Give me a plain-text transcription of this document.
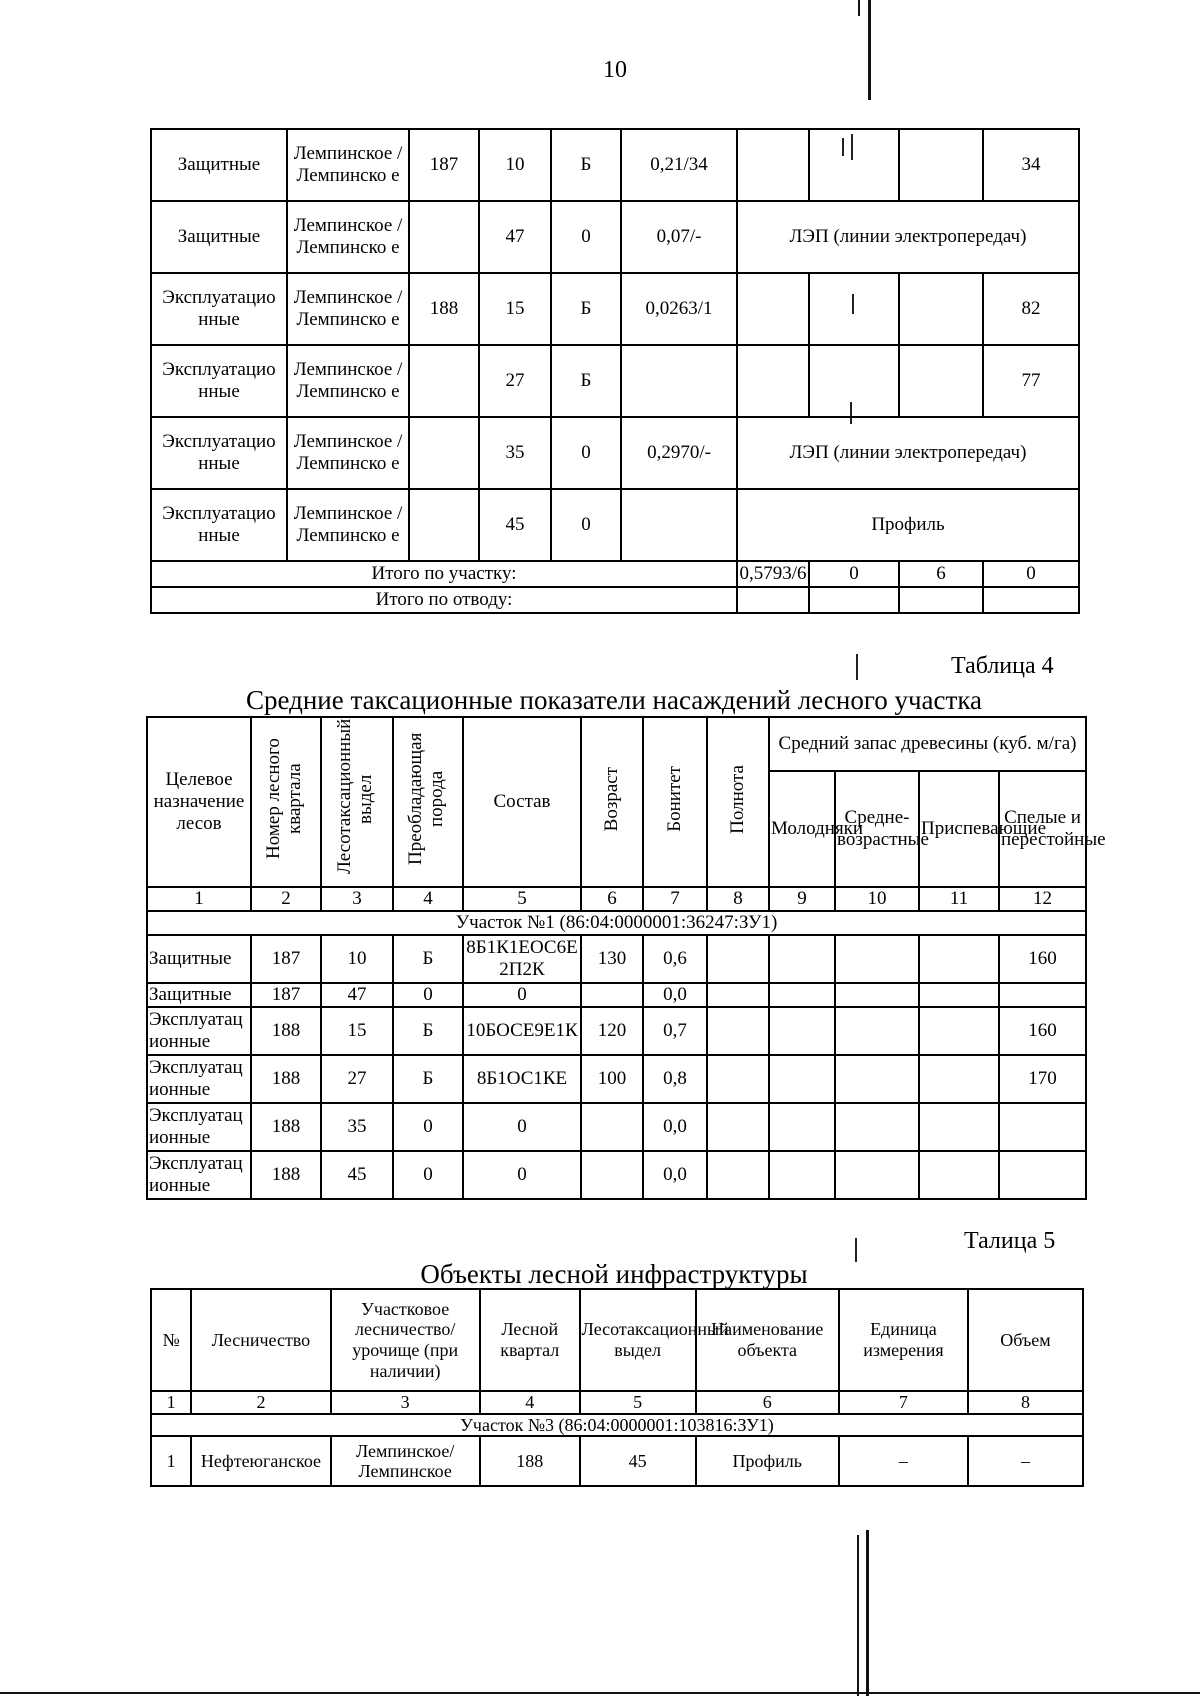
10
Защитные	Лемпинское /Лемпинско е	187	10	Б	0,21/34				34	
Защитные	Лемпинское /Лемпинско е		47	0	0,07/-	ЛЭП (линии электропередач)				
Эксплуатацио нные	Лемпинское /Лемпинско е	188	15	Б	0,0263/1				82	
Эксплуатацио нные	Лемпинское /Лемпинско е		27	Б					77	
Эксплуатацио нные	Лемпинское /Лемпинско е		35	0	0,2970/-	ЛЭП (линии электропередач)				
Эксплуатацио нные	Лемпинское /Лемпинско е		45	0		Профиль				
Итого по участку:						0,5793/6	0	6	0	
Итого по отводу:										
Таблица 4
Средние таксационные показатели насаждений лесного участка
Целевое назначение лесов	Номер лесного квартала	Лесотаксационный выдел	Преобладающая порода	Состав	Возраст	Бонитет	Полнота	Средний запас древесины (куб. м/га)			
								Молодняки	Средне-возрастные	Приспевающие	Спелые и перестойные
1	2	3	4	5	6	7	8	9	10	11	12
Участок №1 (86:04:0000001:36247:ЗУ1)											
Защитные	187	10	Б	8Б1К1ЕОС6Е2П2К	130	0,6					160
Защитные	187	47	0	0		0,0					
Эксплуатационные	188	15	Б	10БОСЕ9Е1К	120	0,7					160
Эксплуатационные	188	27	Б	8Б1ОС1КЕ	100	0,8					170
Эксплуатационные	188	35	0	0		0,0					
Эксплуатационные	188	45	0	0		0,0					
Талица 5
Объекты лесной инфраструктуры
№	Лесничество	Участковое лесничество/ урочище (при наличии)	Лесной квартал	Лесотаксационный выдел	Наименование объекта	Единица измерения	Объем
1	2	3	4	5	6	7	8
Участок №3 (86:04:0000001:103816:ЗУ1)							
1	Нефтеюганское	Лемпинское/ Лемпинское	188	45	Профиль	–	–
